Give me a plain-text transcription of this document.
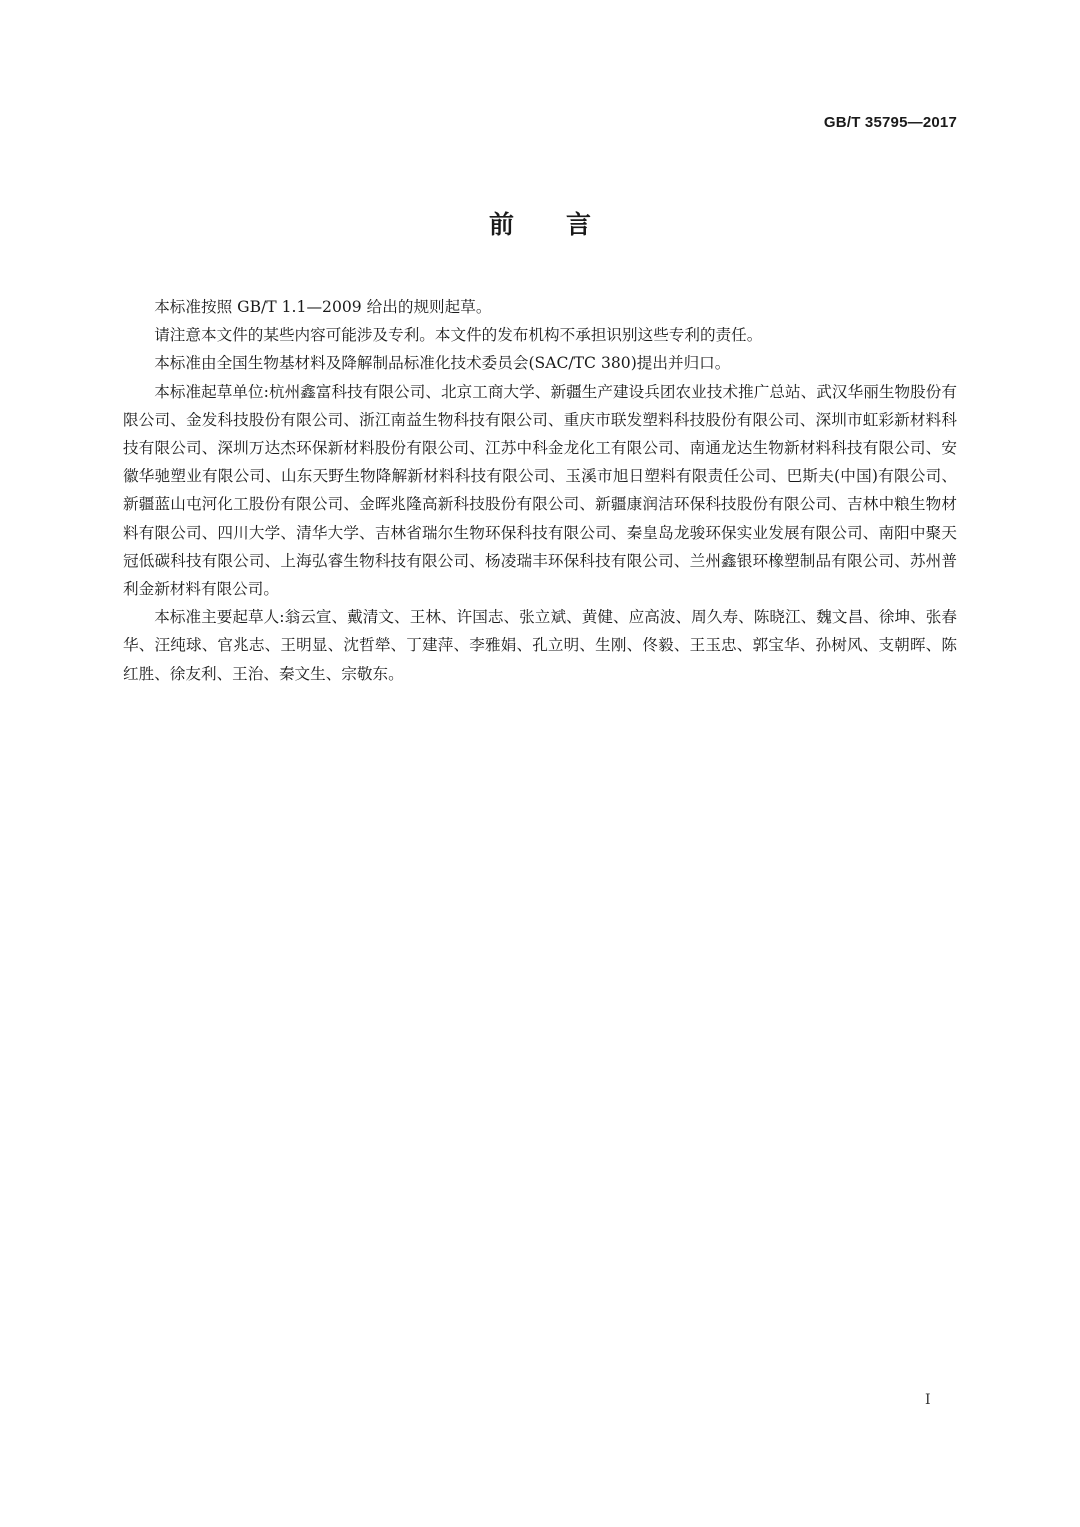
GB/T 35795—2017
前言

本标准按照 GB/T 1.1—2009 给出的规则起草。

请注意本文件的某些内容可能涉及专利。本文件的发布机构不承担识别这些专利的责任。

本标准由全国生物基材料及降解制品标准化技术委员会(SAC/TC 380)提出并归口。

本标准起草单位:杭州鑫富科技有限公司、北京工商大学、新疆生产建设兵团农业技术推广总站、武汉华丽生物股份有限公司、金发科技股份有限公司、浙江南益生物科技有限公司、重庆市联发塑料科技股份有限公司、深圳市虹彩新材料科技有限公司、深圳万达杰环保新材料股份有限公司、江苏中科金龙化工有限公司、南通龙达生物新材料科技有限公司、安徽华驰塑业有限公司、山东天野生物降解新材料科技有限公司、玉溪市旭日塑料有限责任公司、巴斯夫(中国)有限公司、新疆蓝山屯河化工股份有限公司、金晖兆隆高新科技股份有限公司、新疆康润洁环保科技股份有限公司、吉林中粮生物材料有限公司、四川大学、清华大学、吉林省瑞尔生物环保科技有限公司、秦皇岛龙骏环保实业发展有限公司、南阳中聚天冠低碳科技有限公司、上海弘睿生物科技有限公司、杨凌瑞丰环保科技有限公司、兰州鑫银环橡塑制品有限公司、苏州普利金新材料有限公司。

本标准主要起草人:翁云宣、戴清文、王林、许国志、张立斌、黄健、应高波、周久寿、陈晓江、魏文昌、徐坤、张春华、汪纯球、官兆志、王明显、沈哲犖、丁建萍、李雅娟、孔立明、生刚、佟毅、王玉忠、郭宝华、孙树风、支朝晖、陈红胜、徐友利、王治、秦文生、宗敬东。

I
